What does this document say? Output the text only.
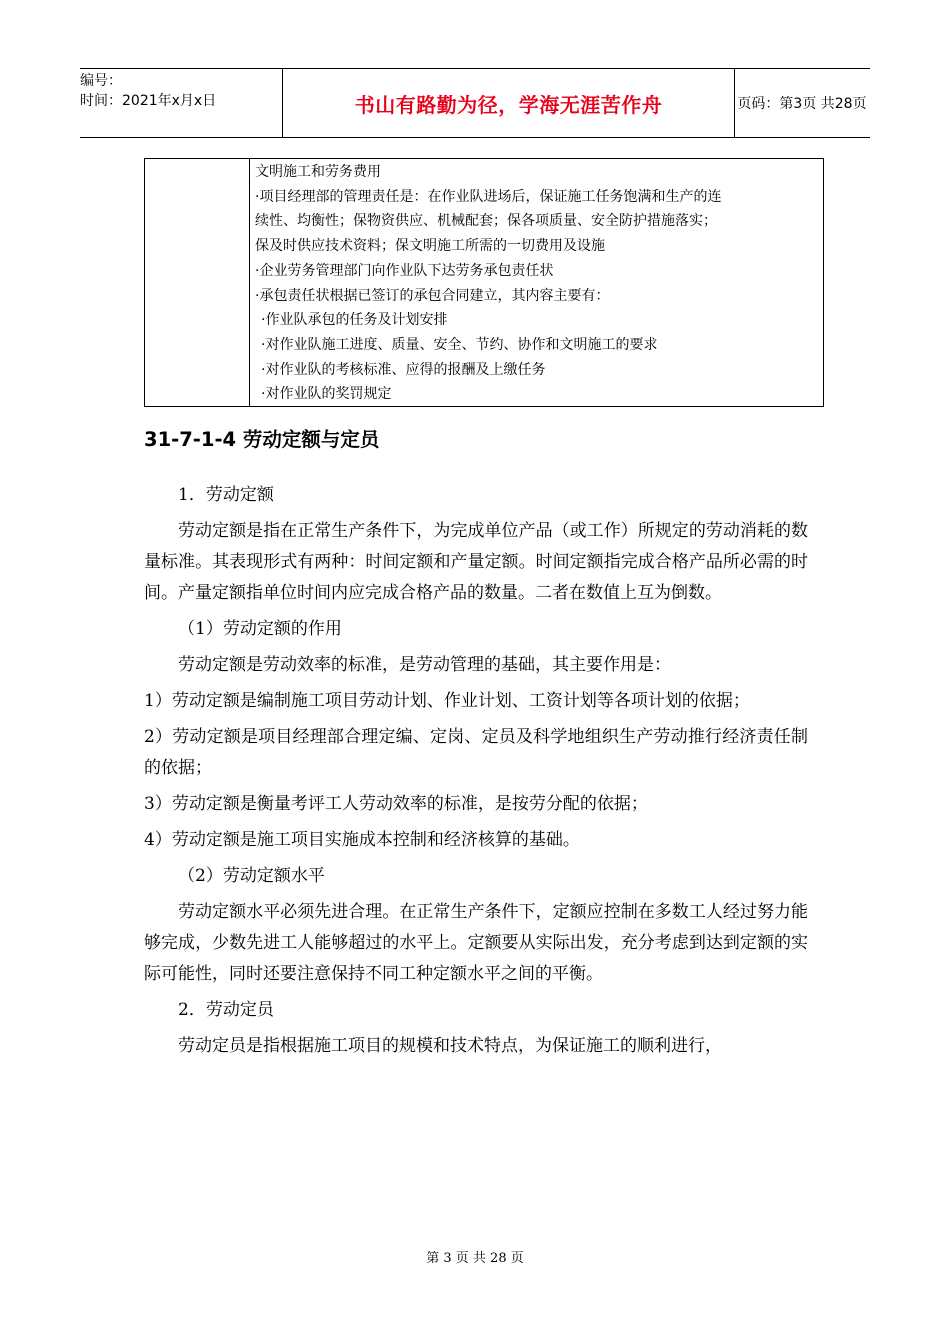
编号：
时间：2021年x月x日	书山有路勤为径，学海无涯苦作舟	页码：第3页 共28页
文明施工和劳务费用
·项目经理部的管理责任是：在作业队进场后，保证施工任务饱满和生产的连
续性、均衡性；保物资供应、机械配套；保各项质量、安全防护措施落实；
保及时供应技术资料；保文明施工所需的一切费用及设施
·企业劳务管理部门向作业队下达劳务承包责任状
·承包责任状根据已签订的承包合同建立，其内容主要有：
·作业队承包的任务及计划安排
·对作业队施工进度、质量、安全、节约、协作和文明施工的要求
·对作业队的考核标准、应得的报酬及上缴任务
·对作业队的奖罚规定
31-7-1-4 劳动定额与定员

1．劳动定额

劳动定额是指在正常生产条件下，为完成单位产品（或工作）所规定的劳动消耗的数量标准。其表现形式有两种：时间定额和产量定额。时间定额指完成合格产品所必需的时间。产量定额指单位时间内应完成合格产品的数量。二者在数值上互为倒数。

（1）劳动定额的作用

劳动定额是劳动效率的标准，是劳动管理的基础，其主要作用是：

1）劳动定额是编制施工项目劳动计划、作业计划、工资计划等各项计划的依据；

2）劳动定额是项目经理部合理定编、定岗、定员及科学地组织生产劳动推行经济责任制的依据；

3）劳动定额是衡量考评工人劳动效率的标准，是按劳分配的依据；

4）劳动定额是施工项目实施成本控制和经济核算的基础。

（2）劳动定额水平

劳动定额水平必须先进合理。在正常生产条件下，定额应控制在多数工人经过努力能够完成，少数先进工人能够超过的水平上。定额要从实际出发，充分考虑到达到定额的实际可能性，同时还要注意保持不同工种定额水平之间的平衡。

2．劳动定员

劳动定员是指根据施工项目的规模和技术特点，为保证施工的顺利进行，

第 3 页 共 28 页
